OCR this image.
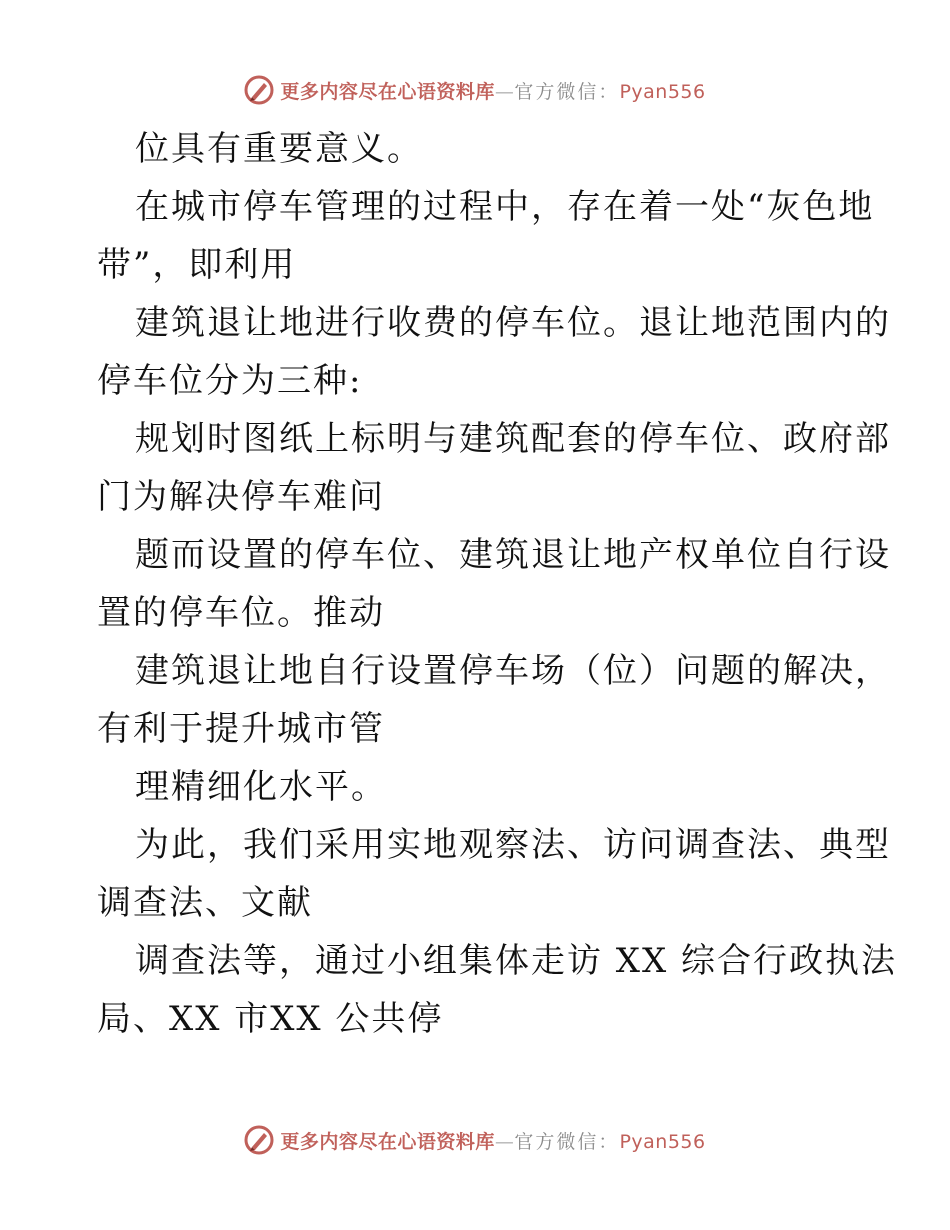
更多内容尽在心语资料库—官方微信：Pyan556
位具有重要意义。
在城市停车管理的过程中，存在着一处“灰色地
带”，即利用
建筑退让地进行收费的停车位。退让地范围内的
停车位分为三种:
规划时图纸上标明与建筑配套的停车位、政府部
门为解决停车难问
题而设置的停车位、建筑退让地产权单位自行设
置的停车位。推动
建筑退让地自行设置停车场（位）问题的解决，
有利于提升城市管
理精细化水平。
为此，我们采用实地观察法、访问调查法、典型
调查法、文献
调查法等，通过小组集体走访 XX 综合行政执法
局、XX 市XX 公共停
更多内容尽在心语资料库—官方微信：Pyan556
